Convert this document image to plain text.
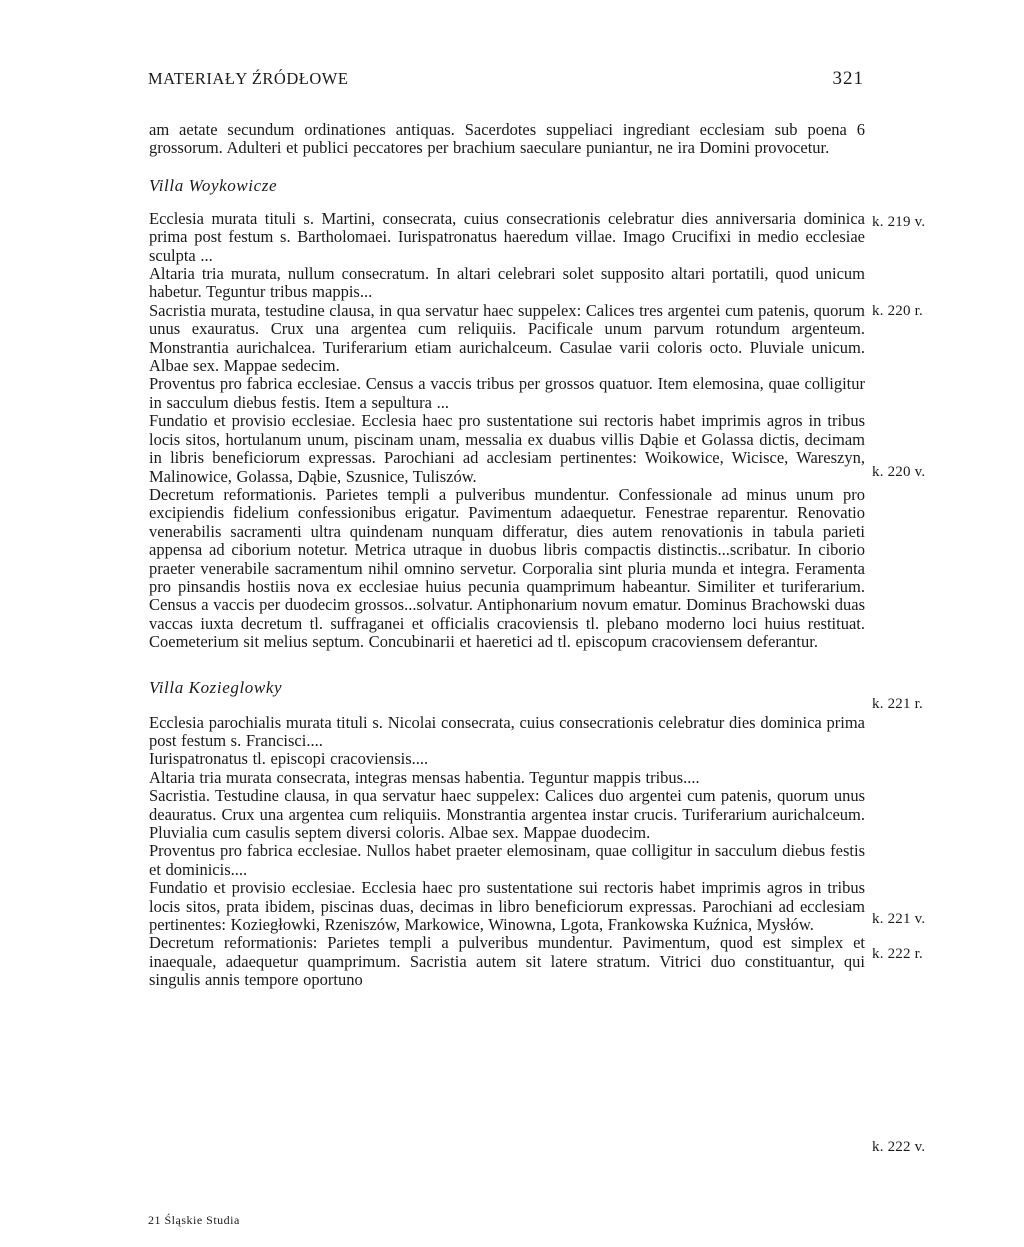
MATERIAŁY ŹRÓDŁOWE	321

am aetate secundum ordinationes antiquas. Sacerdotes suppeliaci ingrediant ecclesiam sub poena 6 grossorum. Adulteri et publici peccatores per brachium saeculare puniantur, ne ira Domini provocetur.

Villa Woykowicze

Ecclesia murata tituli s. Martini, consecrata, cuius consecrationis celebratur dies anniversaria dominica prima post festum s. Bartholomaei. Iurispatronatus haeredum villae. Imago Crucifixi in medio ecclesiae sculpta ...

Altaria tria murata, nullum consecratum. In altari celebrari solet supposito altari portatili, quod unicum habetur. Teguntur tribus mappis...

Sacristia murata, testudine clausa, in qua servatur haec suppelex: Calices tres argentei cum patenis, quorum unus exauratus. Crux una argentea cum reliquiis. Pacificale unum parvum rotundum argenteum. Monstrantia aurichalcea. Turiferarium etiam aurichalceum. Casulae varii coloris octo. Pluviale unicum. Albae sex. Mappae sedecim.

Proventus pro fabrica ecclesiae. Census a vaccis tribus per grossos quatuor. Item elemosina, quae colligitur in sacculum diebus festis. Item a sepultura ...

Fundatio et provisio ecclesiae. Ecclesia haec pro sustentatione sui rectoris habet imprimis agros in tribus locis sitos, hortulanum unum, piscinam unam, messalia ex duabus villis Dąbie et Golassa dictis, decimam in libris beneficiorum expressas. Parochiani ad acclesiam pertinentes: Woikowice, Wicisce, Wareszyn, Malinowice, Golassa, Dąbie, Szusnice, Tuliszów.

Decretum reformationis. Parietes templi a pulveribus mundentur. Confessionale ad minus unum pro excipiendis fidelium confessionibus erigatur. Pavimentum adaequetur. Fenestrae reparentur. Renovatio venerabilis sacramenti ultra quindenam nunquam differatur, dies autem renovationis in tabula parieti appensa ad ciborium notetur. Metrica utraque in duobus libris compactis distinctis...scribatur. In ciborio praeter venerabile sacramentum nihil omnino servetur. Corporalia sint pluria munda et integra. Feramenta pro pinsandis hostiis nova ex ecclesiae huius pecunia quamprimum habeantur. Similiter et turiferarium. Census a vaccis per duodecim grossos...solvatur. Antiphonarium novum ematur. Dominus Brachowski duas vaccas iuxta decretum tl. suffraganei et officialis cracoviensis tl. plebano moderno loci huius restituat. Coemeterium sit melius septum. Concubinarii et haeretici ad tl. episcopum cracoviensem deferantur.

Villa Kozieglowky

Ecclesia parochialis murata tituli s. Nicolai consecrata, cuius consecrationis celebratur dies dominica prima post festum s. Francisci....

Iurispatronatus tl. episcopi cracoviensis....

Altaria tria murata consecrata, integras mensas habentia. Teguntur mappis tribus....

Sacristia. Testudine clausa, in qua servatur haec suppelex: Calices duo argentei cum patenis, quorum unus deauratus. Crux una argentea cum reliquiis. Monstrantia argentea instar crucis. Turiferarium aurichalceum. Pluvialia cum casulis septem diversi coloris. Albae sex. Mappae duodecim.

Proventus pro fabrica ecclesiae. Nullos habet praeter elemosinam, quae colligitur in sacculum diebus festis et dominicis....

Fundatio et provisio ecclesiae. Ecclesia haec pro sustentatione sui rectoris habet imprimis agros in tribus locis sitos, prata ibidem, piscinas duas, decimas in libro beneficiorum expressas. Parochiani ad ecclesiam pertinentes: Koziegłowki, Rzeniszów, Markowice, Winowna, Lgota, Frankowska Kuźnica, Mysłów.

Decretum reformationis: Parietes templi a pulveribus mundentur. Pavimentum, quod est simplex et inaequale, adaequetur quamprimum. Sacristia autem sit latere stratum. Vitrici duo constituantur, qui singulis annis tempore oportuno

k. 219 v.
k. 220 r.
k. 220 v.
k. 221 r.
k. 221 v.
k. 222 r.
k. 222 v.
21 Śląskie Studia
